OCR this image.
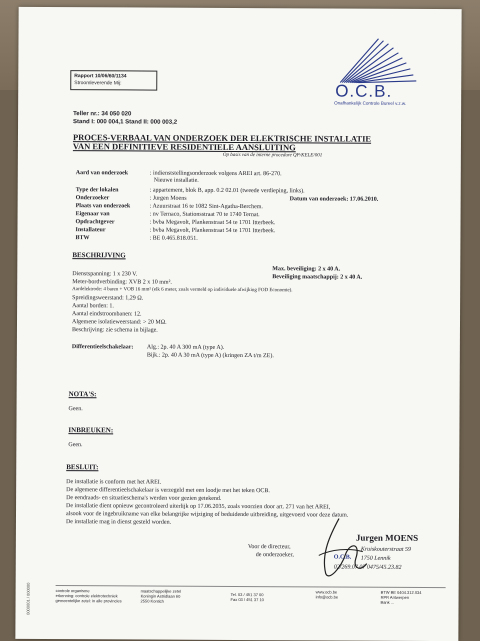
Rapport 10/06/60/1134
Stroomleverende Mij:	O.C.B.
Onafhankelijk Controle Bureel v.z.w.
Teller nr.: 34 050 020
Stand I: 000 004,1 Stand II: 000 003,2
PROCES-VERBAAL VAN ONDERZOEK DER ELEKTRISCHE INSTALLATIE
VAN EEN DEFINITIEVE RESIDENTIELE AANSLUITING
Op basis van de interne procedure QP/KELE/001
Aard van onderzoek	: indienststellingsonderzoek volgens AREI art. 86-270.
Nieuwe installatie.
Type der lokalen	: appartement, blok B, app. 0.2 02.01 (tweede verdieping, links).
Onderzoeker	: Jurgen Moens	Datum van onderzoek: 17.06.2010.
Plaats van onderzoek	: Azuurstraat 16 te 1082 Sint-Agatha-Berchem.
Eigenaar van	: nv Ternaco, Stationsstraat 70 te 1740 Ternat.
Opdrachtgever	: bvba Megavolt, Plankenstraat 54 te 1701 Itterbeek.
Installateur	: bvba Megavolt, Plankenstraat 54 te 1701 Itterbeek.
BTW	: BE 0.465.818.051.
BESCHRIJVING
Max. beveiliging: 2 x 40 A.
Beveiliging maatschappij: 2 x 40 A.
Dienstspanning: 1 x 230 V.
Meter-bordverbinding: XVB 2 x 10 mm².
Aardelektrode: 4 baren + VOB 16 mm² (elk 6 meter, zoals vermeld op individuele afwijking FOD Economie).
Spreidingsweerstand: 1,29 Ω.
Aantal borden: 1.
Aantal eindstroombanen: 12.
Algemene isolatieweerstand: > 20 MΩ.
Beschrijving: zie schema in bijlage.
Differentieelschakelaar: Alg.: 2p. 40 A 300 mA (type A).
Bijk.: 2p. 40 A 30 mA (type A) (kringen ZA t/m ZE).
NOTA'S:
Geen.
INBREUKEN:
Geen.
BESLUIT:
De installatie is conform met het AREI.
De algemene differentieelschakelaar is verzegeld met een loodje met het teken OCB.
De eendraads- en situatieschema's werden voor gezien getekend.
De installatie dient opnieuw gecontroleerd uiterlijk op 17.06.2035, zoals voorzien door art. 271 van het AREI,
alsook voor de ingebruikname van elke belangrijke wijziging of beduidende uitbreiding, uitgevoerd voor deze datum.
De installatie mag in dienst gesteld worden.
Voor de directeur,
de onderzoeker,
Jurgen MOENS
Kruiskouterstraat 59
1750 Lennik
02/269.07.07 0475/45.23.82
O.C.B.
controle organisme
erkenning: controle elektrotechniek
gemeentelijke zetel: in alle provincies
maatschappelijke zetel
Koningin Astridlaan 60
2550 Kontich
Tel. 03 / 451 37 00
Fax 03 / 451 37 10
www.ocb.be
info@ocb.be
BTW BE 0404.312.034
RPR Antwerpen
Bank ...
0000001 / 000000
